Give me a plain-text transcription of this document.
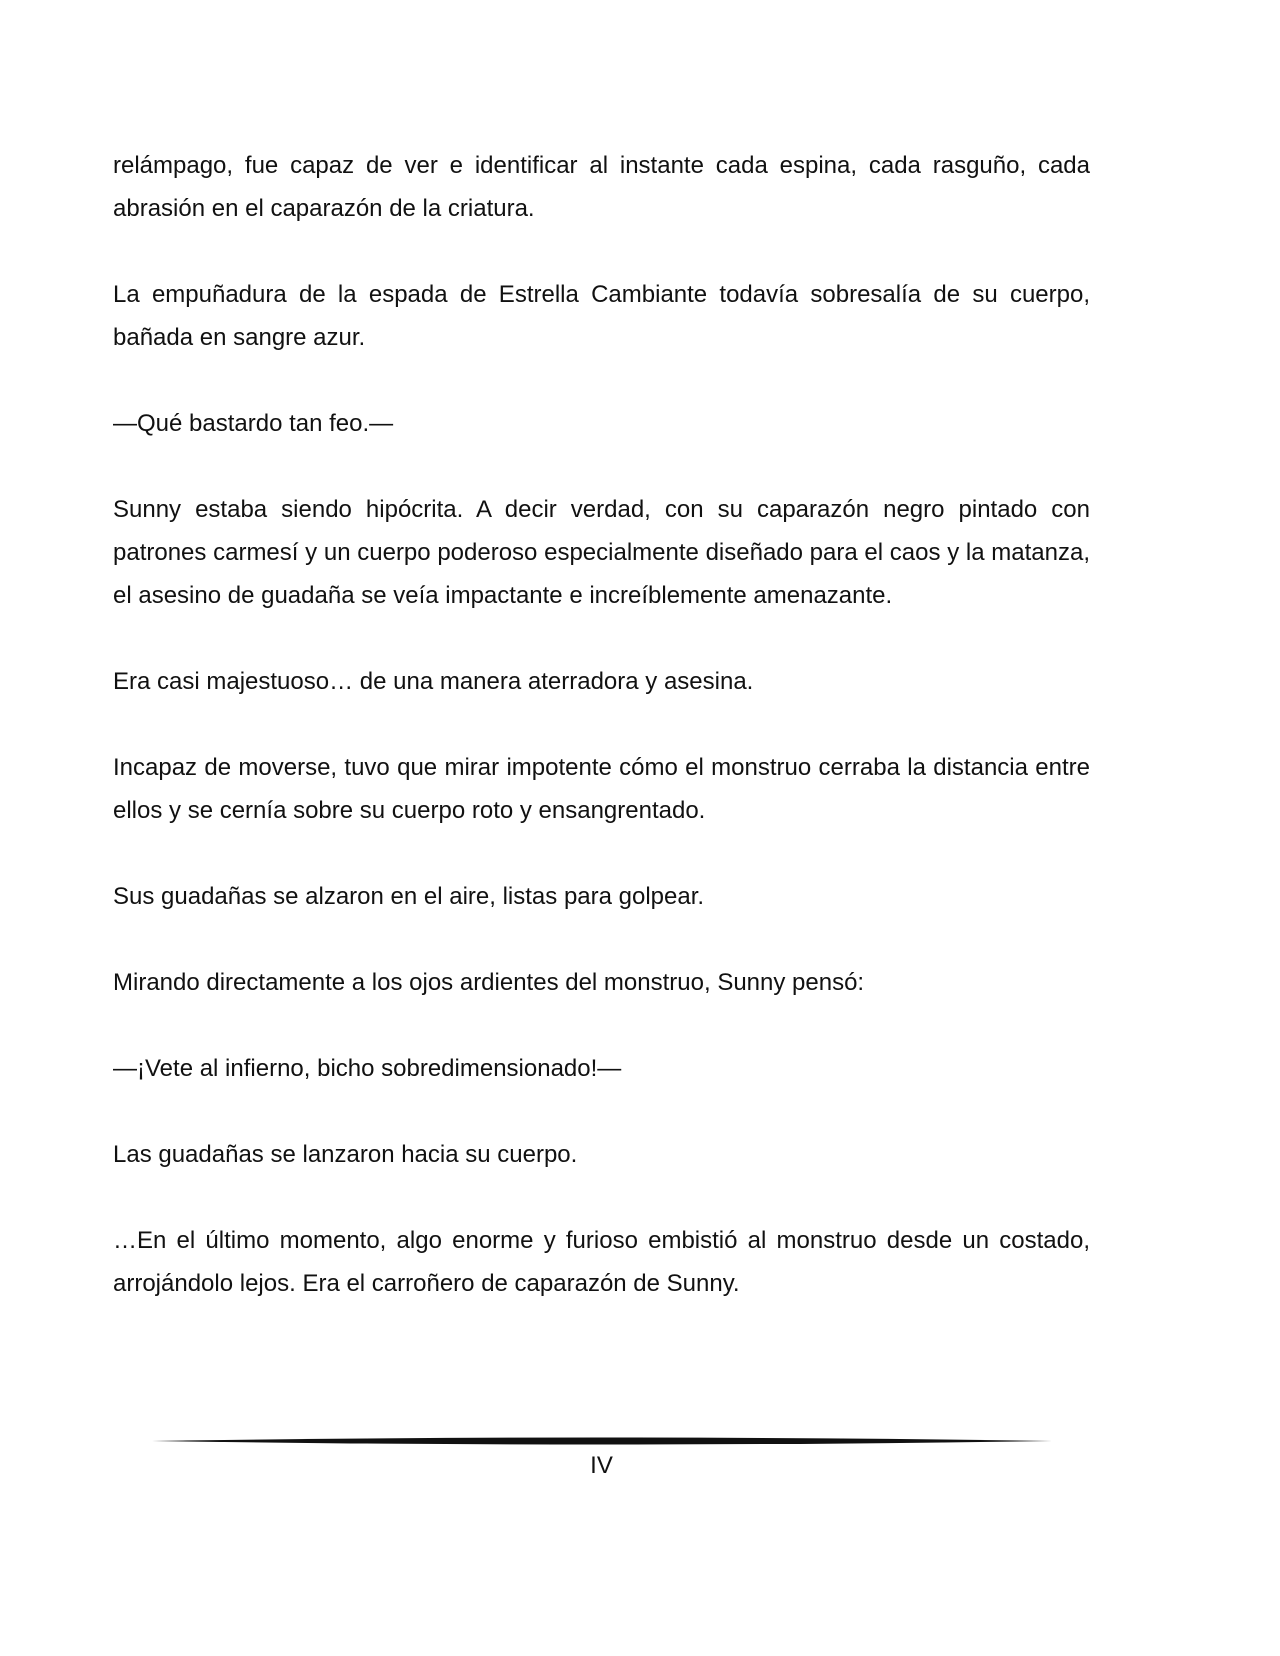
relámpago, fue capaz de ver e identificar al instante cada espina, cada rasguño, cada abrasión en el caparazón de la criatura.

La empuñadura de la espada de Estrella Cambiante todavía sobresalía de su cuerpo, bañada en sangre azur.

—Qué bastardo tan feo.—

Sunny estaba siendo hipócrita. A decir verdad, con su caparazón negro pintado con patrones carmesí y un cuerpo poderoso especialmente diseñado para el caos y la matanza, el asesino de guadaña se veía impactante e increíblemente amenazante.

Era casi majestuoso… de una manera aterradora y asesina.

Incapaz de moverse, tuvo que mirar impotente cómo el monstruo cerraba la distancia entre ellos y se cernía sobre su cuerpo roto y ensangrentado.

Sus guadañas se alzaron en el aire, listas para golpear.

Mirando directamente a los ojos ardientes del monstruo, Sunny pensó:

—¡Vete al infierno, bicho sobredimensionado!—

Las guadañas se lanzaron hacia su cuerpo.

…En el último momento, algo enorme y furioso embistió al monstruo desde un costado, arrojándolo lejos. Era el carroñero de caparazón de Sunny.

IV
